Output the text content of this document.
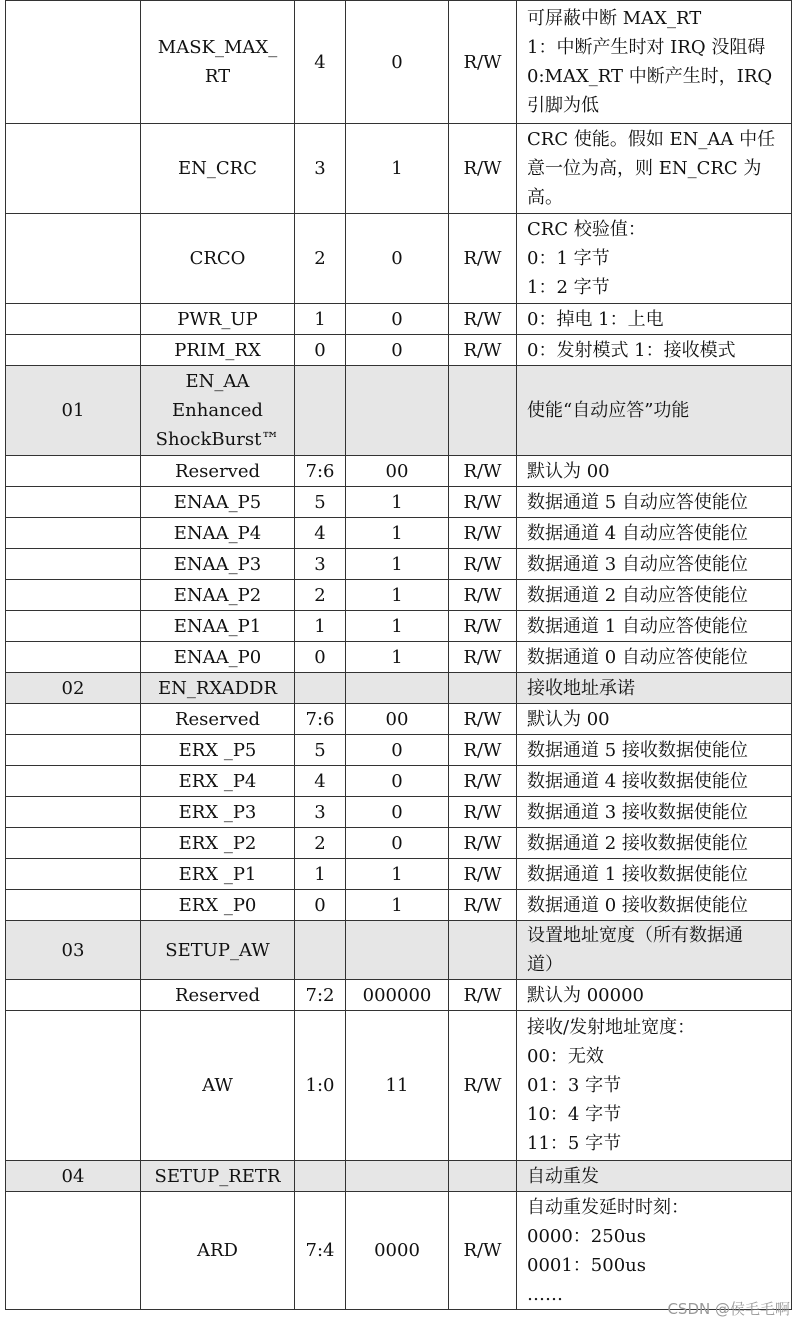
	MASK_MAX_
RT	4	0	R/W	可屏蔽中断 MAX_RT
1：中断产生时对 IRQ 没阻碍
0:MAX_RT 中断产生时，IRQ
引脚为低

	EN_CRC	3	1	R/W	CRC 使能。假如 EN_AA 中任
意一位为高，则 EN_CRC 为
高。

	CRCO	2	0	R/W	CRC 校验值：
0：1 字节
1：2 字节

	PWR_UP	1	0	R/W	0：掉电 1：上电

	PRIM_RX	0	0	R/W	0：发射模式 1：接收模式

01	EN_AA
Enhanced
ShockBurst™				使能“自动应答”功能

	Reserved	7:6	00	R/W	默认为 00

	ENAA_P5	5	1	R/W	数据通道 5 自动应答使能位

	ENAA_P4	4	1	R/W	数据通道 4 自动应答使能位

	ENAA_P3	3	1	R/W	数据通道 3 自动应答使能位

	ENAA_P2	2	1	R/W	数据通道 2 自动应答使能位

	ENAA_P1	1	1	R/W	数据通道 1 自动应答使能位

	ENAA_P0	0	1	R/W	数据通道 0 自动应答使能位

02	EN_RXADDR				接收地址承诺

	Reserved	7:6	00	R/W	默认为 00

	ERX _P5	5	0	R/W	数据通道 5 接收数据使能位

	ERX _P4	4	0	R/W	数据通道 4 接收数据使能位

	ERX _P3	3	0	R/W	数据通道 3 接收数据使能位

	ERX _P2	2	0	R/W	数据通道 2 接收数据使能位

	ERX _P1	1	1	R/W	数据通道 1 接收数据使能位

	ERX _P0	0	1	R/W	数据通道 0 接收数据使能位

03	SETUP_AW				设置地址宽度（所有数据通
道）

	Reserved	7:2	000000	R/W	默认为 00000

	AW	1:0	11	R/W	接收/发射地址宽度：
00：无效
01：3 字节
10：4 字节
11：5 字节

04	SETUP_RETR				自动重发

	ARD	7:4	0000	R/W	自动重发延时时刻：
0000：250us
0001：500us
……
CSDN @侯毛毛啊
